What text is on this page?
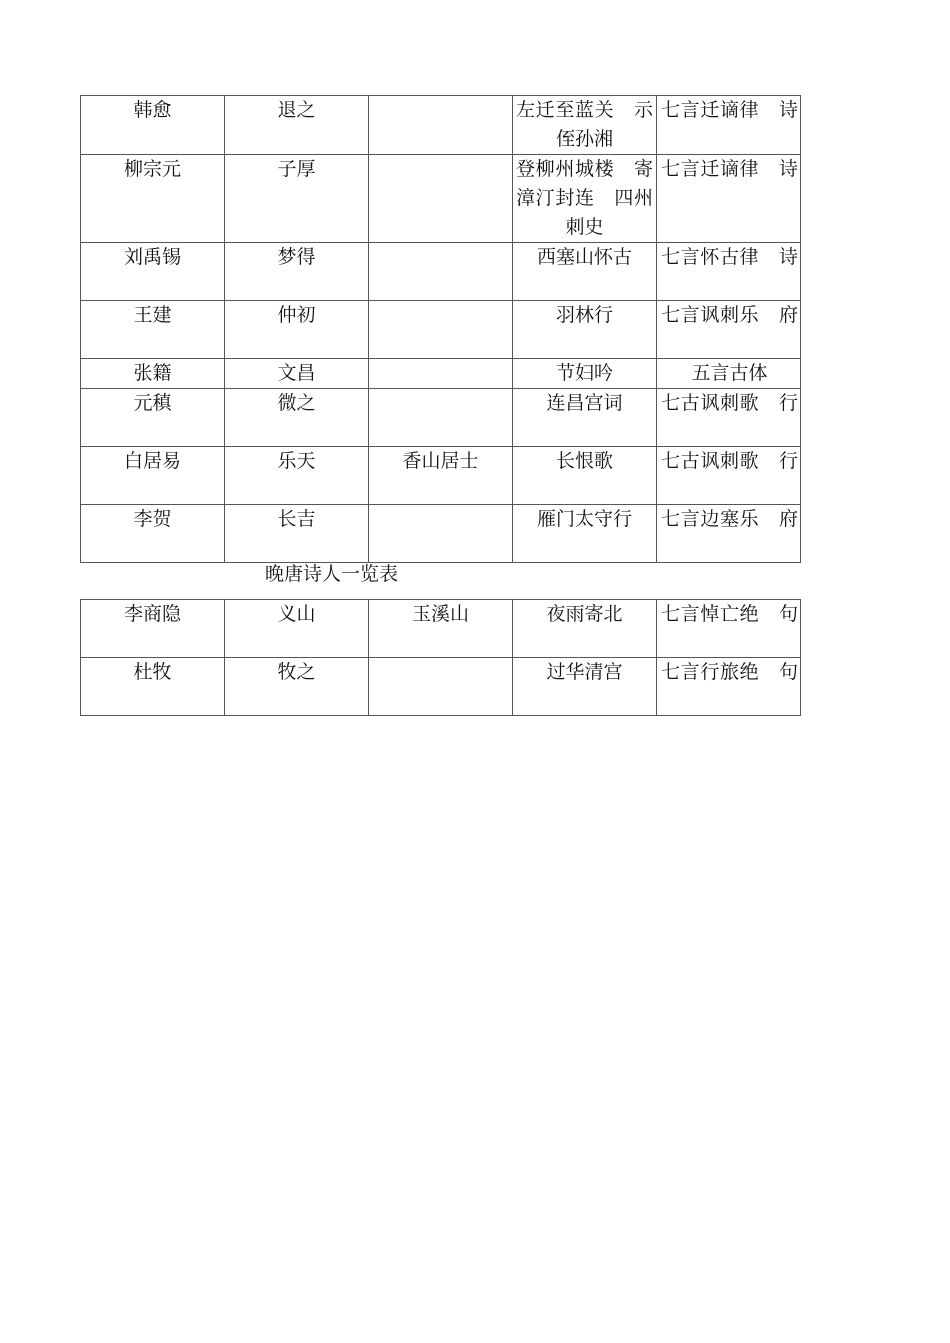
韩愈	退之		左迁至蓝关　示侄孙湘	七言迁谪律　诗
柳宗元	子厚		登柳州城楼　寄漳汀封连　四州刺史	七言迁谪律　诗
刘禹锡	梦得		西塞山怀古	七言怀古律　诗
王建	仲初		羽林行	七言讽刺乐　府
张籍	文昌		节妇吟	五言古体
元稹	微之		连昌宫词	七古讽刺歌　行
白居易	乐天	香山居士	长恨歌	七古讽刺歌　行
李贺	长吉		雁门太守行	七言边塞乐　府
晚唐诗人一览表
李商隐	义山	玉溪山	夜雨寄北	七言悼亡绝　句
杜牧	牧之		过华清宫	七言行旅绝　句
